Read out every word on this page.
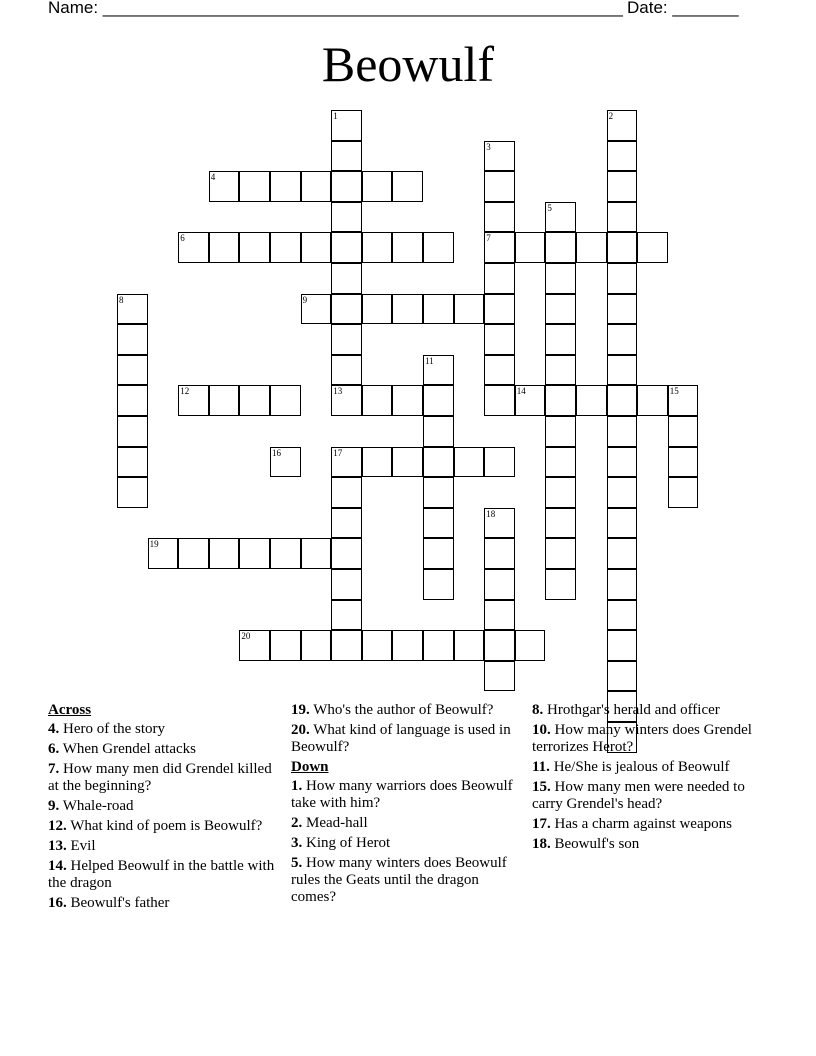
Name: _______________________________________________________ Date: _______
Beowulf
1	2
3
4
5
6	7
8	9
11
12	13	14	15
16	17
18
19
20
Across
4. Hero of the story
6. When Grendel attacks
7. How many men did Grendel killed at the beginning?
9. Whale-road
12. What kind of poem is Beowulf?
13. Evil
14. Helped Beowulf in the battle with the dragon
16. Beowulf's father
19. Who's the author of Beowulf?
20. What kind of language is used in Beowulf?
Down
1. How many warriors does Beowulf take with him?
2. Mead-hall
3. King of Herot
5. How many winters does Beowulf rules the Geats until the dragon comes?
8. Hrothgar's herald and officer
10. How many winters does Grendel terrorizes Herot?
11. He/She is jealous of Beowulf
15. How many men were needed to carry Grendel's head?
17. Has a charm against weapons
18. Beowulf's son
